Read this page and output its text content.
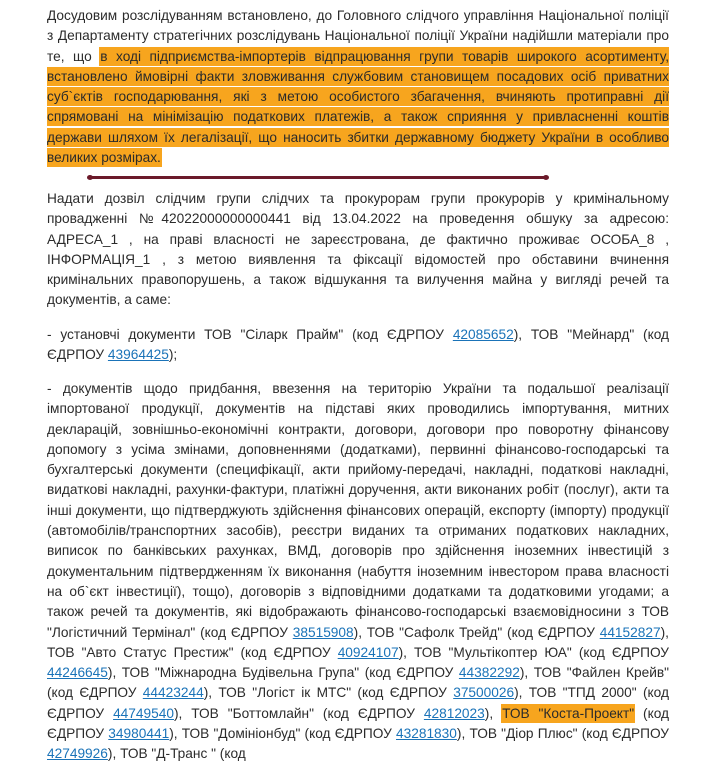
Досудовим розслідуванням встановлено, до Головного слідчого управління Національної поліції з Департаменту стратегічних розслідувань Національної поліції України надійшли матеріали про те, що в ході підприємства-імпортерів відпрацювання групи товарів широкого асортименту, встановлено ймовірні факти зловживання службовим становищем посадових осіб приватних суб`єктів господарювання, які з метою особистого збагачення, вчиняють протиправні дії спрямовані на мінімізацію податкових платежів, а також сприяння у привласненні коштів держави шляхом їх легалізації, що наносить збитки державному бюджету України в особливо великих розмірах.

Надати дозвіл слідчим групи слідчих та прокурорам групи прокурорів у кримінальному провадженні №42022000000000441 від 13.04.2022 на проведення обшуку за адресою: АДРЕСА_1 , на праві власності не зареєстрована, де фактично проживає ОСОБА_8 , ІНФОРМАЦІЯ_1 , з метою виявлення та фіксації відомостей про обставини вчинення кримінальних правопорушень, а також відшукання та вилучення майна у вигляді речей та документів, а саме:

- установчі документи ТОВ "Сіларк Прайм" (код ЄДРПОУ 42085652), ТОВ "Мейнард" (код ЄДРПОУ 43964425);

- документів щодо придбання, ввезення на територію України та подальшої реалізації імпортованої продукції, документів на підставі яких проводились імпортування, митних декларацій, зовнішньо-економічні контракти, договори, договори про поворотну фінансову допомогу з усіма змінами, доповненнями (додатками), первинні фінансово-господарські та бухгалтерські документи (специфікації, акти прийому-передачі, накладні, податкові накладні, видаткові накладні, рахунки-фактури, платіжні доручення, акти виконаних робіт (послуг), акти та інші документи, що підтверджують здійснення фінансових операцій, експорту (імпорту) продукції (автомобілів/транспортних засобів), реєстри виданих та отриманих податкових накладних, виписок по банківських рахунках, ВМД, договорів про здійснення іноземних інвестицій з документальним підтвердженням їх виконання (набуття іноземним інвестором права власності на об`єкт інвестиції), тощо), договорів з відповідними додатками та додатковими угодами; а також речей та документів, які відображають фінансово-господарські взаємовідносини з ТОВ "Логістичний Термінал" (код ЄДРПОУ 38515908), ТОВ "Сафолк Трейд" (код ЄДРПОУ 44152827), ТОВ "Авто Статус Престиж" (код ЄДРПОУ 40924107), ТОВ "Мультікоптер ЮА" (код ЄДРПОУ 44246645), ТОВ "Міжнародна Будівельна Група" (код ЄДРПОУ 44382292), ТОВ "Файлен Крейв" (код ЄДРПОУ 44423244), ТОВ "Логіст ік МТС" (код ЄДРПОУ 37500026), ТОВ "ТПД 2000" (код ЄДРПОУ 44749540), ТОВ "Боттомлайн" (код ЄДРПОУ 42812023), ТОВ "Коста-Проект" (код ЄДРПОУ 34980441), ТОВ "Домініонбуд" (код ЄДРПОУ 43281830), ТОВ "Діор Плюс" (код ЄДРПОУ 42749926), ТОВ "Д-Транс " (код
